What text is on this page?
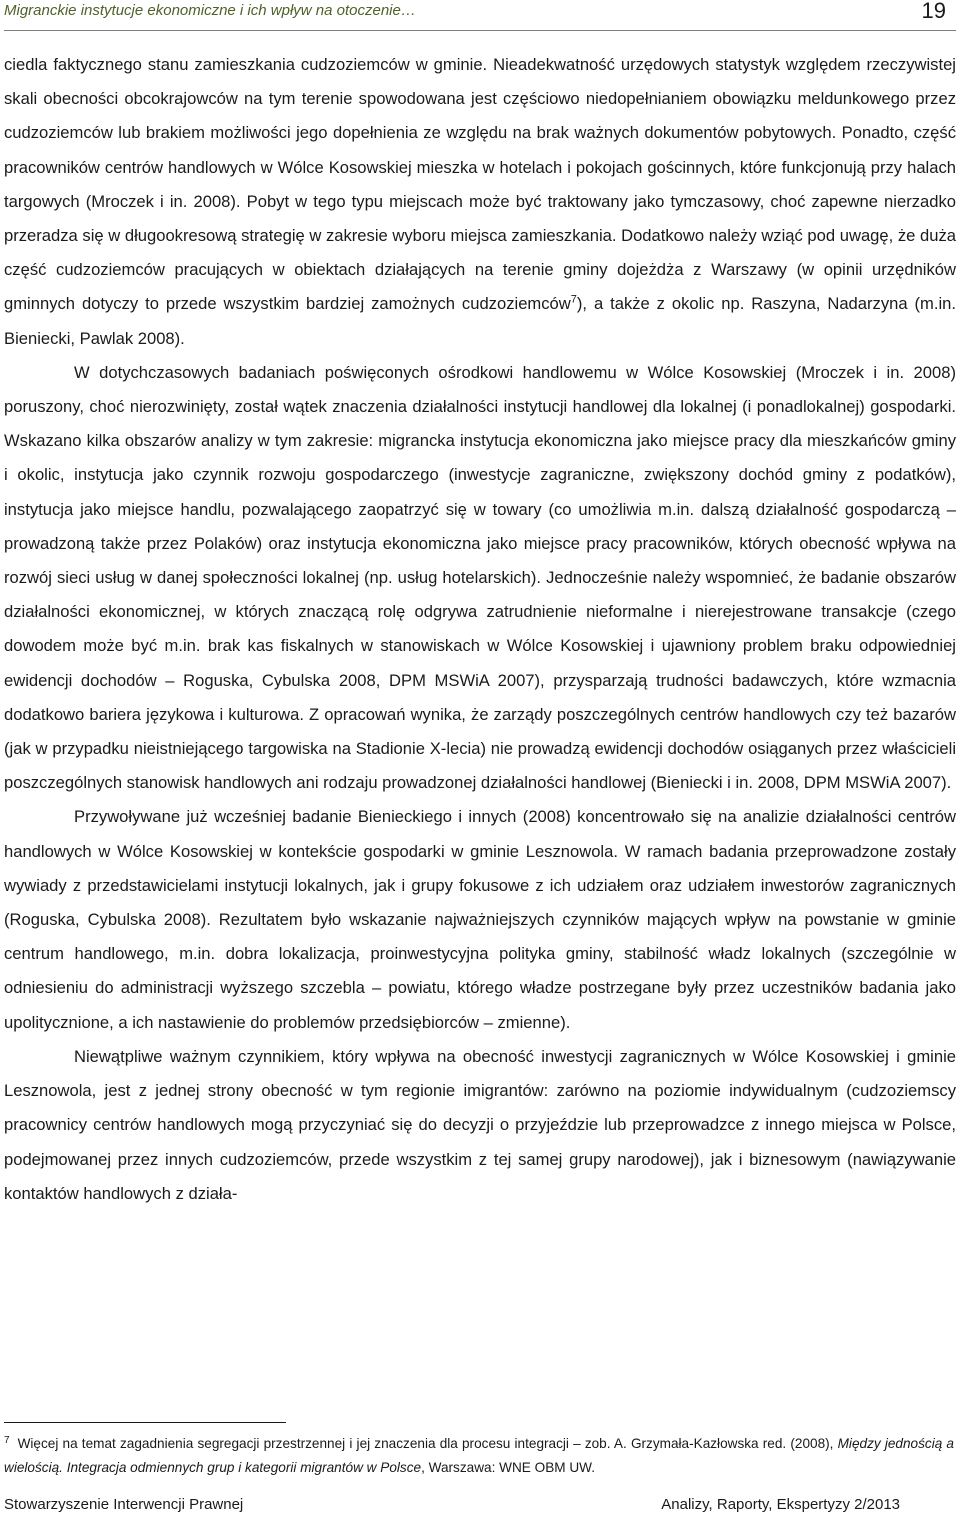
Migranckie instytucje ekonomiczne i ich wpływ na otoczenie…	19

ciedla faktycznego stanu zamieszkania cudzoziemców w gminie. Nieadekwatność urzędowych statystyk względem rzeczywistej skali obecności obcokrajowców na tym terenie spowodowana jest częściowo niedopełnianiem obowiązku meldunkowego przez cudzoziemców lub brakiem możliwości jego dopełnienia ze względu na brak ważnych dokumentów pobytowych. Ponadto, część pracowników centrów handlowych w Wólce Kosowskiej mieszka w hotelach i pokojach gościnnych, które funkcjonują przy halach targowych (Mroczek i in. 2008). Pobyt w tego typu miejscach może być traktowany jako tymczasowy, choć zapewne nierzadko przeradza się w długookresową strategię w zakresie wyboru miejsca zamieszkania. Dodatkowo należy wziąć pod uwagę, że duża część cudzoziemców pracujących w obiektach działających na terenie gminy dojeżdża z Warszawy (w opinii urzędników gminnych dotyczy to przede wszystkim bardziej zamożnych cudzoziemców$^7$), a także z okolic np. Raszyna, Nadarzyna (m.in. Bieniecki, Pawlak 2008).

W dotychczasowych badaniach poświęconych ośrodkowi handlowemu w Wólce Kosowskiej (Mroczek i in. 2008) poruszony, choć nierozwinięty, został wątek znaczenia działalności instytucji handlowej dla lokalnej (i ponadlokalnej) gospodarki. Wskazano kilka obszarów analizy w tym zakresie: migrancka instytucja ekonomiczna jako miejsce pracy dla mieszkańców gminy i okolic, instytucja jako czynnik rozwoju gospodarczego (inwestycje zagraniczne, zwiększony dochód gminy z podatków), instytucja jako miejsce handlu, pozwalającego zaopatrzyć się w towary (co umożliwia m.in. dalszą działalność gospodarczą – prowadzoną także przez Polaków) oraz instytucja ekonomiczna jako miejsce pracy pracowników, których obecność wpływa na rozwój sieci usług w danej społeczności lokalnej (np. usług hotelarskich). Jednocześnie należy wspomnieć, że badanie obszarów działalności ekonomicznej, w których znaczącą rolę odgrywa zatrudnienie nieformalne i nierejestrowane transakcje (czego dowodem może być m.in. brak kas fiskalnych w stanowiskach w Wólce Kosowskiej i ujawniony problem braku odpowiedniej ewidencji dochodów – Roguska, Cybulska 2008, DPM MSWiA 2007), przysparzają trudności badawczych, które wzmacnia dodatkowo bariera językowa i kulturowa. Z opracowań wynika, że zarządy poszczególnych centrów handlowych czy też bazarów (jak w przypadku nieistniejącego targowiska na Stadionie X-lecia) nie prowadzą ewidencji dochodów osiąganych przez właścicieli poszczególnych stanowisk handlowych ani rodzaju prowadzonej działalności handlowej (Bieniecki i in. 2008, DPM MSWiA 2007).

Przywoływane już wcześniej badanie Bienieckiego i innych (2008) koncentrowało się na analizie działalności centrów handlowych w Wólce Kosowskiej w kontekście gospodarki w gminie Lesznowola. W ramach badania przeprowadzone zostały wywiady z przedstawicielami instytucji lokalnych, jak i grupy fokusowe z ich udziałem oraz udziałem inwestorów zagranicznych (Roguska, Cybulska 2008). Rezultatem było wskazanie najważniejszych czynników mających wpływ na powstanie w gminie centrum handlowego, m.in. dobra lokalizacja, proinwestycyjna polityka gminy, stabilność władz lokalnych (szczególnie w odniesieniu do administracji wyższego szczebla – powiatu, którego władze postrzegane były przez uczestników badania jako upolitycznione, a ich nastawienie do problemów przedsiębiorców – zmienne).

Niewątpliwe ważnym czynnikiem, który wpływa na obecność inwestycji zagranicznych w Wólce Kosowskiej i gminie Lesznowola, jest z jednej strony obecność w tym regionie imigrantów: zarówno na poziomie indywidualnym (cudzoziemscy pracownicy centrów handlowych mogą przyczyniać się do decyzji o przyjeździe lub przeprowadzce z innego miejsca w Polsce, podejmowanej przez innych cudzoziemców, przede wszystkim z tej samej grupy narodowej), jak i biznesowym (nawiązywanie kontaktów handlowych z działa-

$^7$ Więcej na temat zagadnienia segregacji przestrzennej i jej znaczenia dla procesu integracji – zob. A. Grzymała-Kazłowska red. (2008), Między jednością a wielością. Integracja odmiennych grup i kategorii migrantów w Polsce, Warszawa: WNE OBM UW.
Stowarzyszenie Interwencji Prawnej	Analizy, Raporty, Ekspertyzy 2/2013
